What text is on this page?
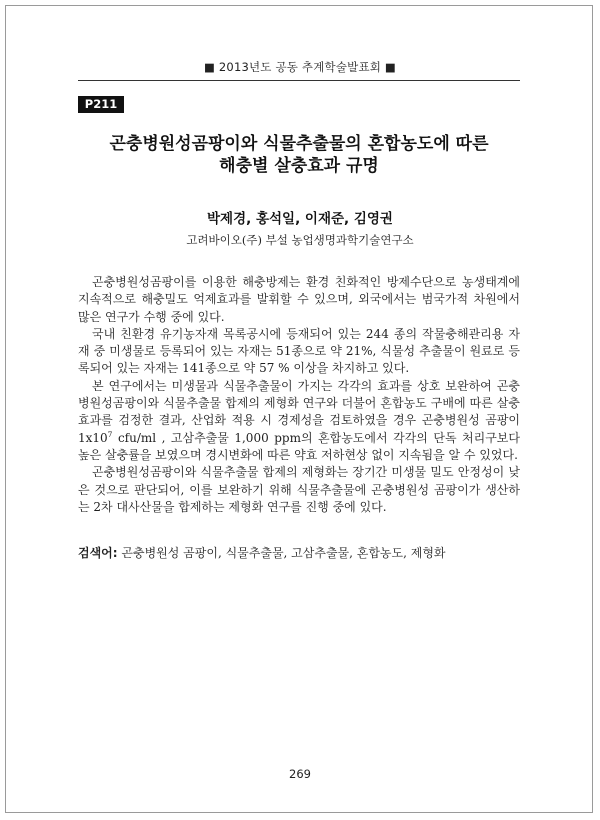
■ 2013년도 공동 추계학술발표회 ■
P211
곤충병원성곰팡이와 식물추출물의 혼합농도에 따른
해충별 살충효과 규명
박제경, 홍석일, 이재준, 김영권
고려바이오(주) 부설 농업생명과학기술연구소

곤충병원성곰팡이를 이용한 해충방제는 환경 친화적인 방제수단으로 농생태계에 지속적으로 해충밀도 억제효과를 발휘할 수 있으며, 외국에서는 범국가적 차원에서 많은 연구가 수행 중에 있다.

국내 친환경 유기농자재 목록공시에 등재되어 있는 244 종의 작물충해관리용 자재 중 미생물로 등록되어 있는 자재는 51종으로 약 21%, 식물성 추출물이 원료로 등록되어 있는 자재는 141종으로 약 57 % 이상을 차지하고 있다.

본 연구에서는 미생물과 식물추출물이 가지는 각각의 효과를 상호 보완하여 곤충병원성곰팡이와 식물추출물 합제의 제형화 연구와 더불어 혼합농도 구배에 따른 살충 효과를 검정한 결과, 산업화 적용 시 경제성을 검토하였을 경우 곤충병원성 곰팡이 $1x10^7$ cfu/ml , 고삼추출물 1,000 ppm의 혼합농도에서 각각의 단독 처리구보다 높은 살충률을 보였으며 경시변화에 따른 약효 저하현상 없이 지속됨을 알 수 있었다.

곤충병원성곰팡이와 식물추출물 합제의 제형화는 장기간 미생물 밀도 안정성이 낮은 것으로 판단되어, 이를 보완하기 위해 식물추출물에 곤충병원성 곰팡이가 생산하는 2차 대사산물을 합제하는 제형화 연구를 진행 중에 있다.

검색어: 곤충병원성 곰팡이, 식물추출물, 고삼추출물, 혼합농도, 제형화
269
